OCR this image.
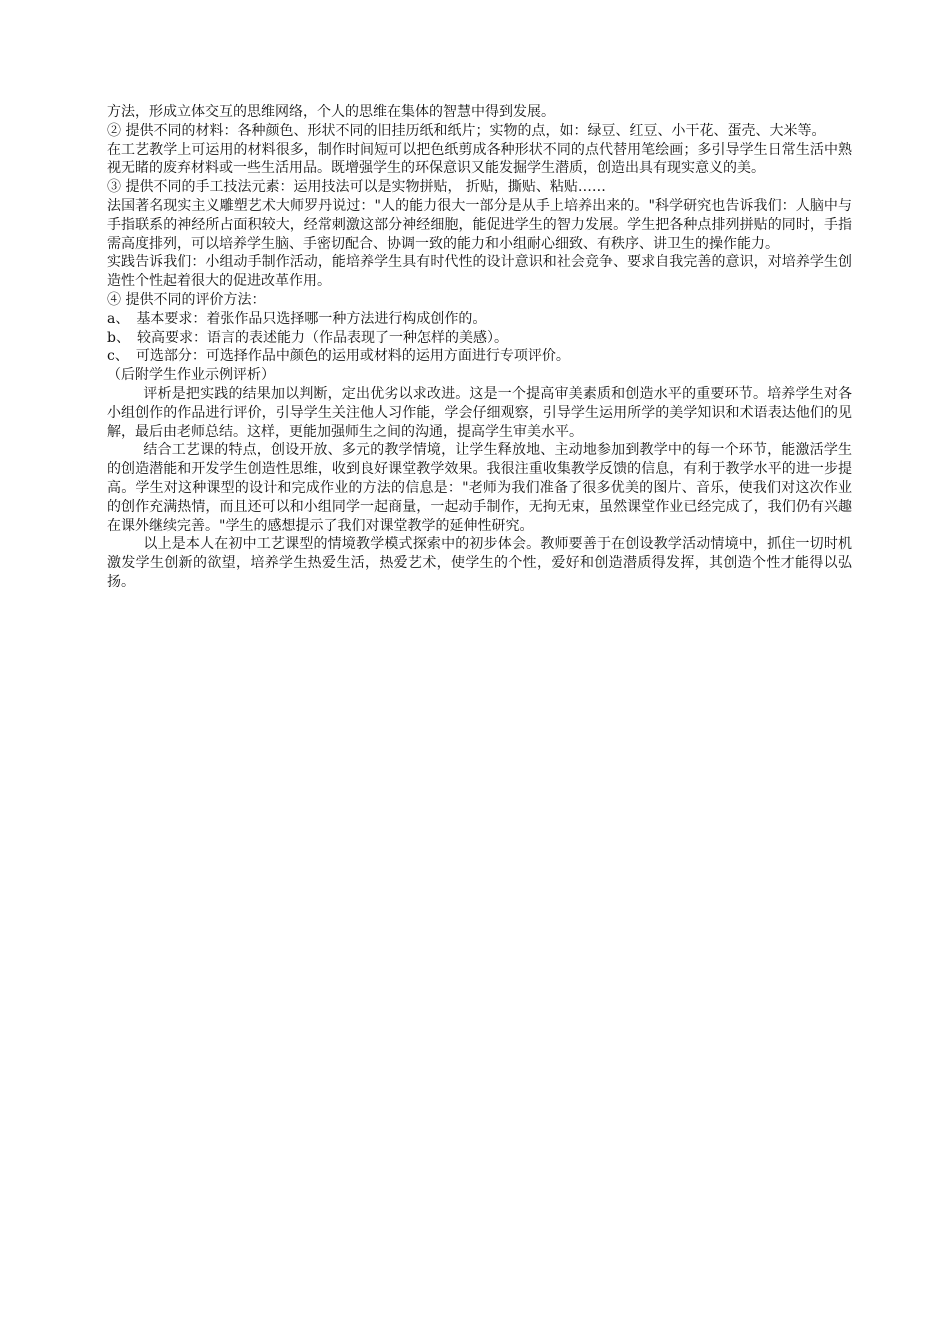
方法，形成立体交互的思维网络，个人的思维在集体的智慧中得到发展。

② 提供不同的材料：各种颜色、形状不同的旧挂历纸和纸片；实物的点，如：绿豆、红豆、小干花、蛋壳、大米等。

在工艺教学上可运用的材料很多，制作时间短可以把色纸剪成各种形状不同的点代替用笔绘画；多引导学生日常生活中熟视无睹的废弃材料或一些生活用品。既增强学生的环保意识又能发掘学生潜质，创造出具有现实意义的美。

③ 提供不同的手工技法元素：运用技法可以是实物拼贴， 折贴，撕贴、粘贴……

法国著名现实主义雕塑艺术大师罗丹说过："人的能力很大一部分是从手上培养出来的。"科学研究也告诉我们：人脑中与手指联系的神经所占面积较大，经常刺激这部分神经细胞，能促进学生的智力发展。学生把各种点排列拼贴的同时，手指需高度排列，可以培养学生脑、手密切配合、协调一致的能力和小组耐心细致、有秩序、讲卫生的操作能力。

实践告诉我们：小组动手制作活动，能培养学生具有时代性的设计意识和社会竞争、要求自我完善的意识，对培养学生创造性个性起着很大的促进改革作用。

④ 提供不同的评价方法：

a、　基本要求：着张作品只选择哪一种方法进行构成创作的。

b、　较高要求：语言的表述能力（作品表现了一种怎样的美感）。

c、　可选部分：可选择作品中颜色的运用或材料的运用方面进行专项评价。

（后附学生作业示例评析）

评析是把实践的结果加以判断，定出优劣以求改进。这是一个提高审美素质和创造水平的重要环节。培养学生对各小组创作的作品进行评价，引导学生关注他人习作能，学会仔细观察，引导学生运用所学的美学知识和术语表达他们的见解，最后由老师总结。这样，更能加强师生之间的沟通，提高学生审美水平。

结合工艺课的特点，创设开放、多元的教学情境，让学生释放地、主动地参加到教学中的每一个环节，能激活学生的创造潜能和开发学生创造性思维，收到良好课堂教学效果。我很注重收集教学反馈的信息，有利于教学水平的进一步提高。学生对这种课型的设计和完成作业的方法的信息是："老师为我们准备了很多优美的图片、音乐，使我们对这次作业的创作充满热情，而且还可以和小组同学一起商量，一起动手制作，无拘无束，虽然课堂作业已经完成了，我们仍有兴趣在课外继续完善。"学生的感想提示了我们对课堂教学的延伸性研究。

以上是本人在初中工艺课型的情境教学模式探索中的初步体会。教师要善于在创设教学活动情境中，抓住一切时机激发学生创新的欲望，培养学生热爱生活，热爱艺术，使学生的个性，爱好和创造潜质得发挥，其创造个性才能得以弘扬。
